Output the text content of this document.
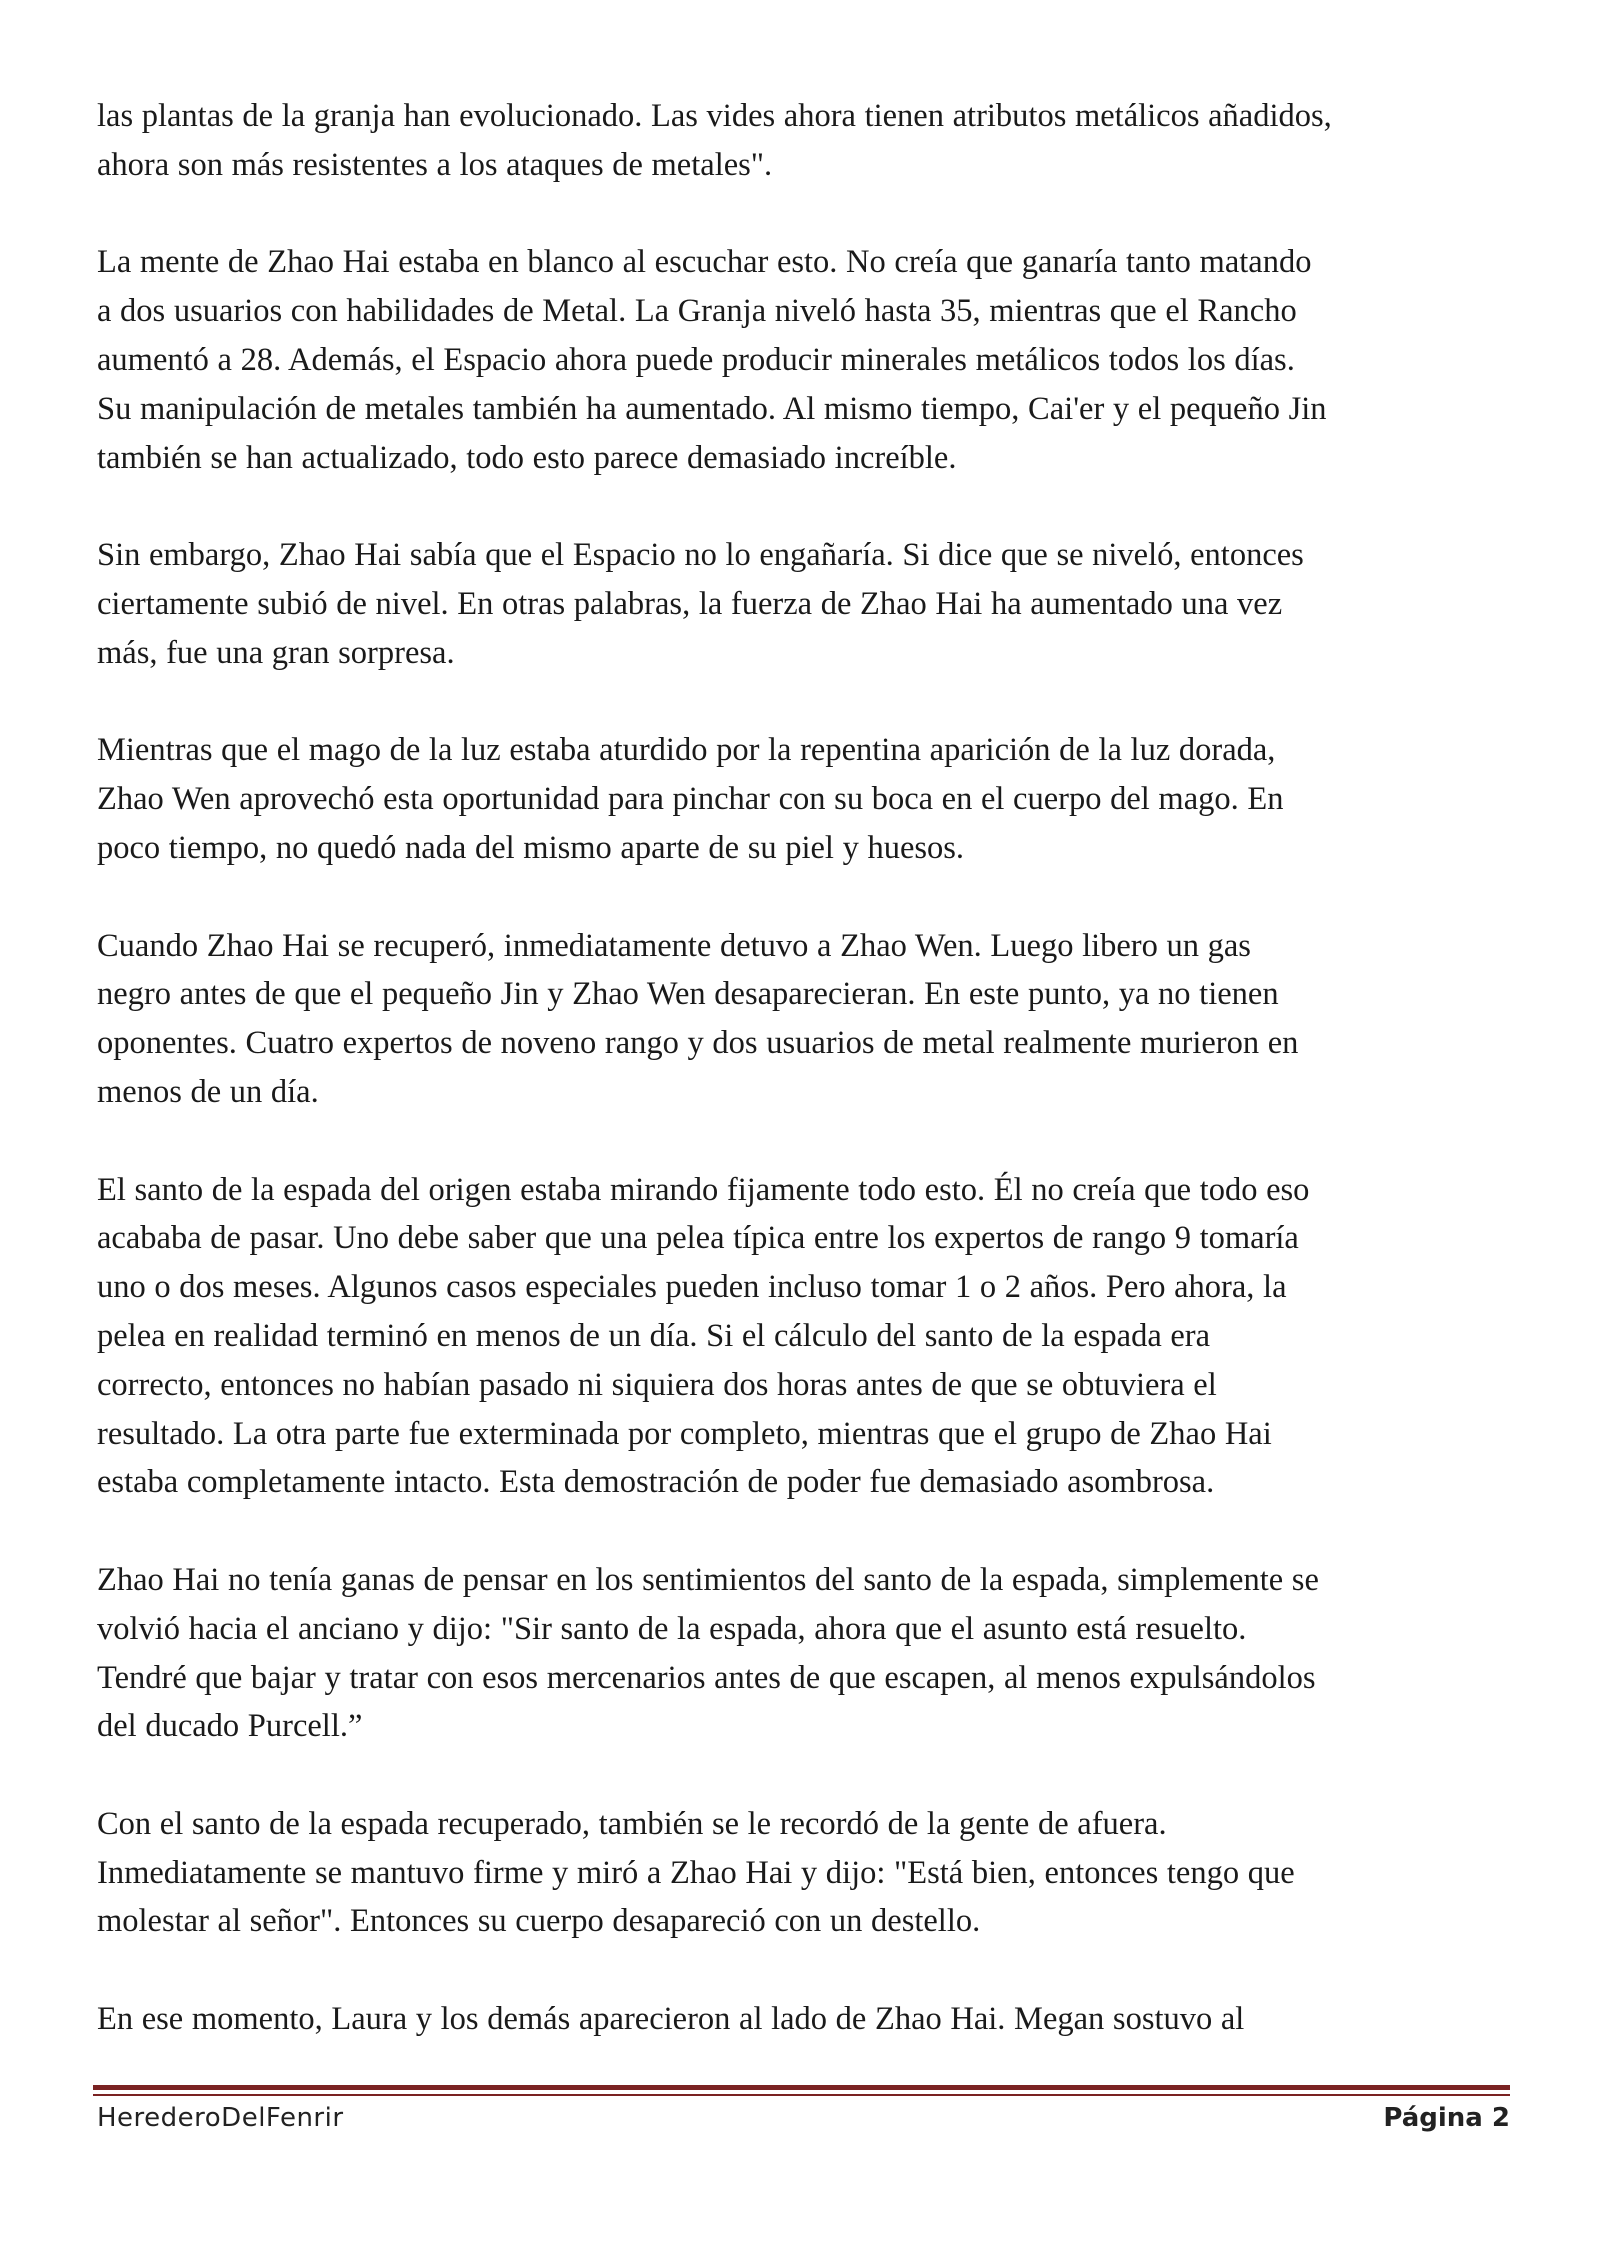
las plantas de la granja han evolucionado. Las vides ahora tienen atributos metálicos añadidos,
ahora son más resistentes a los ataques de metales".

La mente de Zhao Hai estaba en blanco al escuchar esto. No creía que ganaría tanto matando
a dos usuarios con habilidades de Metal. La Granja niveló hasta 35, mientras que el Rancho
aumentó a 28. Además, el Espacio ahora puede producir minerales metálicos todos los días.
Su manipulación de metales también ha aumentado. Al mismo tiempo, Cai'er y el pequeño Jin
también se han actualizado, todo esto parece demasiado increíble.

Sin embargo, Zhao Hai sabía que el Espacio no lo engañaría. Si dice que se niveló, entonces
ciertamente subió de nivel. En otras palabras, la fuerza de Zhao Hai ha aumentado una vez
más, fue una gran sorpresa.

Mientras que el mago de la luz estaba aturdido por la repentina aparición de la luz dorada,
Zhao Wen aprovechó esta oportunidad para pinchar con su boca en el cuerpo del mago. En
poco tiempo, no quedó nada del mismo aparte de su piel y huesos.

Cuando Zhao Hai se recuperó, inmediatamente detuvo a Zhao Wen. Luego libero un gas
negro antes de que el pequeño Jin y Zhao Wen desaparecieran. En este punto, ya no tienen
oponentes. Cuatro expertos de noveno rango y dos usuarios de metal realmente murieron en
menos de un día.

El santo de la espada del origen estaba mirando fijamente todo esto. Él no creía que todo eso
acababa de pasar. Uno debe saber que una pelea típica entre los expertos de rango 9 tomaría
uno o dos meses. Algunos casos especiales pueden incluso tomar 1 o 2 años. Pero ahora, la
pelea en realidad terminó en menos de un día. Si el cálculo del santo de la espada era
correcto, entonces no habían pasado ni siquiera dos horas antes de que se obtuviera el
resultado. La otra parte fue exterminada por completo, mientras que el grupo de Zhao Hai
estaba completamente intacto. Esta demostración de poder fue demasiado asombrosa.

Zhao Hai no tenía ganas de pensar en los sentimientos del santo de la espada, simplemente se
volvió hacia el anciano y dijo: "Sir santo de la espada, ahora que el asunto está resuelto.
Tendré que bajar y tratar con esos mercenarios antes de que escapen, al menos expulsándolos
del ducado Purcell.”

Con el santo de la espada recuperado, también se le recordó de la gente de afuera.
Inmediatamente se mantuvo firme y miró a Zhao Hai y dijo: "Está bien, entonces tengo que
molestar al señor". Entonces su cuerpo desapareció con un destello.

En ese momento, Laura y los demás aparecieron al lado de Zhao Hai. Megan sostuvo al

HerederoDelFenrir	Página 2
